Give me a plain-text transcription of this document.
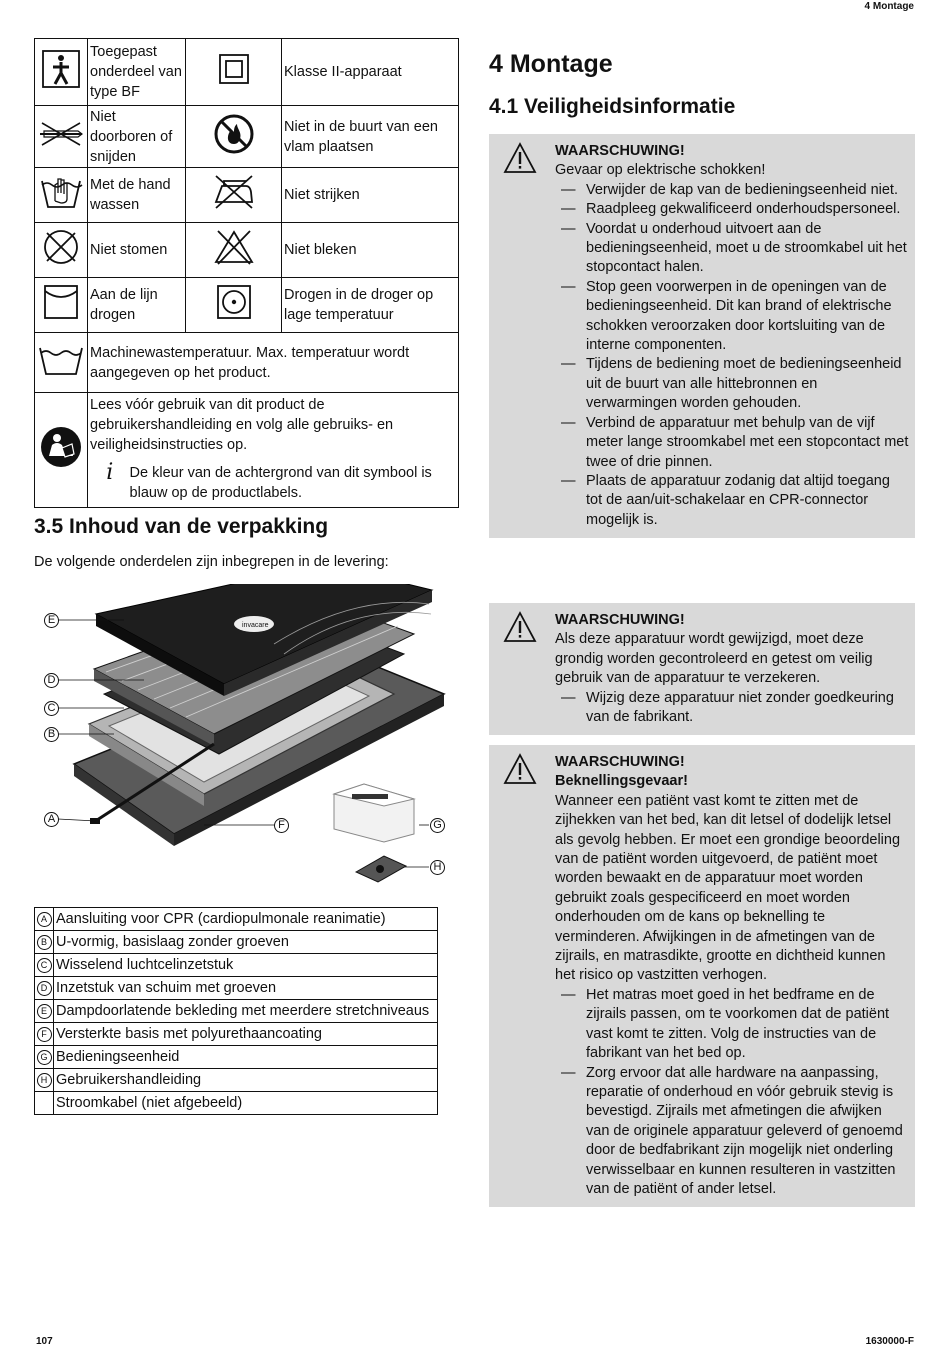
4 Montage
	Toegepast onderdeel van type BF		Klasse II-apparaat
	Niet doorboren of snijden		Niet in de buurt van een vlam plaatsen
	Met de hand wassen		Niet strijken
	Niet stomen		Niet bleken
	Aan de lijn drogen		Drogen in de droger op lage temperatuur
	Machinewastemperatuur. Max. temperatuur wordt aangegeven op het product.		

Lees vóór gebruik van dit product de gebruikershandleiding en volg alle gebruiks- en veiligheidsinstructies op.
i De kleur van de achtergrond van dit symbool is blauw op de productlabels.		
3.5 Inhoud van de verpakking
De volgende onderdelen zijn inbegrepen in de levering:
invacare
E
D
C
B
A	F	G
H
A	Aansluiting voor CPR (cardiopulmonale reanimatie)
B	U-vormig, basislaag zonder groeven
C	Wisselend luchtcelinzetstuk
D	Inzetstuk van schuim met groeven
E	Dampdoorlatende bekleding met meerdere stretchniveaus
F	Versterkte basis met polyurethaancoating
G	Bedieningseenheid
H	Gebruikershandleiding
	Stroomkabel (niet afgebeeld)
4 Montage
4.1 Veiligheidsinformatie
WAARSCHUWING!
Gevaar op elektrische schokken!
— Verwijder de kap van de bedieningseenheid niet.
— Raadpleeg gekwalificeerd onderhoudspersoneel.
— Voordat u onderhoud uitvoert aan de bedieningseenheid, moet u de stroomkabel uit het stopcontact halen.
— Stop geen voorwerpen in de openingen van de bedieningseenheid. Dit kan brand of elektrische schokken veroorzaken door kortsluiting van de interne componenten.
— Tijdens de bediening moet de bedieningseenheid uit de buurt van alle hittebronnen en verwarmingen worden gehouden.
— Verbind de apparatuur met behulp van de vijf meter lange stroomkabel met een stopcontact met twee of drie pinnen.
— Plaats de apparatuur zodanig dat altijd toegang tot de aan/uit-schakelaar en CPR-connector mogelijk is.
WAARSCHUWING!
Als deze apparatuur wordt gewijzigd, moet deze grondig worden gecontroleerd en getest om veilig gebruik van de apparatuur te verzekeren.
— Wijzig deze apparatuur niet zonder goedkeuring van de fabrikant.
WAARSCHUWING!
Beknellingsgevaar!
Wanneer een patiënt vast komt te zitten met de zijhekken van het bed, kan dit letsel of dodelijk letsel als gevolg hebben. Er moet een grondige beoordeling van de patiënt worden uitgevoerd, de patiënt moet worden bewaakt en de apparatuur moet worden gebruikt zoals gespecificeerd en moet worden onderhouden om de kans op beknelling te verminderen. Afwijkingen in de afmetingen van de zijrails, en matrasdikte, grootte en dichtheid kunnen het risico op vastzitten verhogen.
— Het matras moet goed in het bedframe en de zijrails passen, om te voorkomen dat de patiënt vast komt te zitten. Volg de instructies van de fabrikant van het bed op.
— Zorg ervoor dat alle hardware na aanpassing, reparatie of onderhoud en vóór gebruik stevig is bevestigd. Zijrails met afmetingen die afwijken van de originele apparatuur geleverd of genoemd door de bedfabrikant zijn mogelijk niet onderling verwisselbaar en kunnen resulteren in vastzitten van de patiënt of ander letsel.
107	1630000-F
